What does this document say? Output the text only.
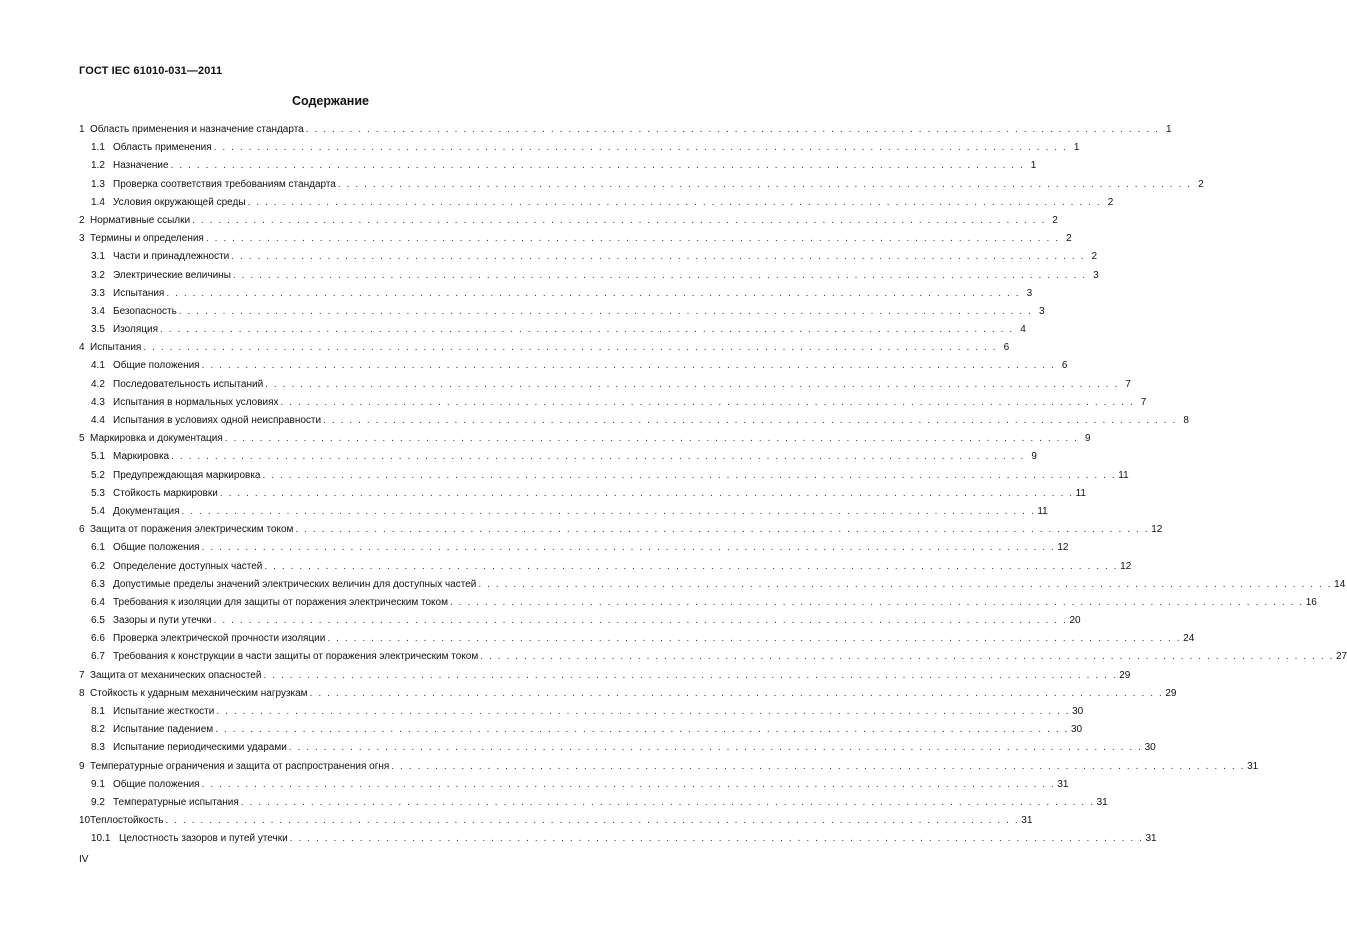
ГОСТ IEC 61010-031—2011
Содержание
1 Область применения и назначение стандарта . . .	1
1.1 Область применения . . .	1
1.2 Назначение . . .	1
1.3 Проверка соответствия требованиям стандарта . . .	2
1.4 Условия окружающей среды . . .	2
2 Нормативные ссылки . . .	2
3 Термины и определения . . .	2
3.1 Части и принадлежности . . .	2
3.2 Электрические величины . . .	3
3.3 Испытания . . .	3
3.4 Безопасность . . .	3
3.5 Изоляция . . .	4
4 Испытания . . .	6
4.1 Общие положения . . .	6
4.2 Последовательность испытаний . . .	7
4.3 Испытания в нормальных условиях . . .	7
4.4 Испытания в условиях одной неисправности . . .	8
5 Маркировка и документация . . .	9
5.1 Маркировка . . .	9
5.2 Предупреждающая маркировка . . .	11
5.3 Стойкость маркировки . . .	11
5.4 Документация . . .	11
6 Защита от поражения электрическим током . . .	12
6.1 Общие положения . . .	12
6.2 Определение доступных частей . . .	12
6.3 Допустимые пределы значений электрических величин для доступных частей . . .	14
6.4 Требования к изоляции для защиты от поражения электрическим током . . .	16
6.5 Зазоры и пути утечки . . .	20
6.6 Проверка электрической прочности изоляции . . .	24
6.7 Требования к конструкции в части защиты от поражения электрическим током . . .	27
7 Защита от механических опасностей . . .	29
8 Стойкость к ударным механическим нагрузкам . . .	29
8.1 Испытание жесткости . . .	30
8.2 Испытание падением . . .	30
8.3 Испытание периодическими ударами . . .	30
9 Температурные ограничения и защита от распространения огня . . .	31
9.1 Общие положения . . .	31
9.2 Температурные испытания . . .	31
10 Теплостойкость . . .	31
10.1 Целостность зазоров и путей утечки . . .	31
IV
